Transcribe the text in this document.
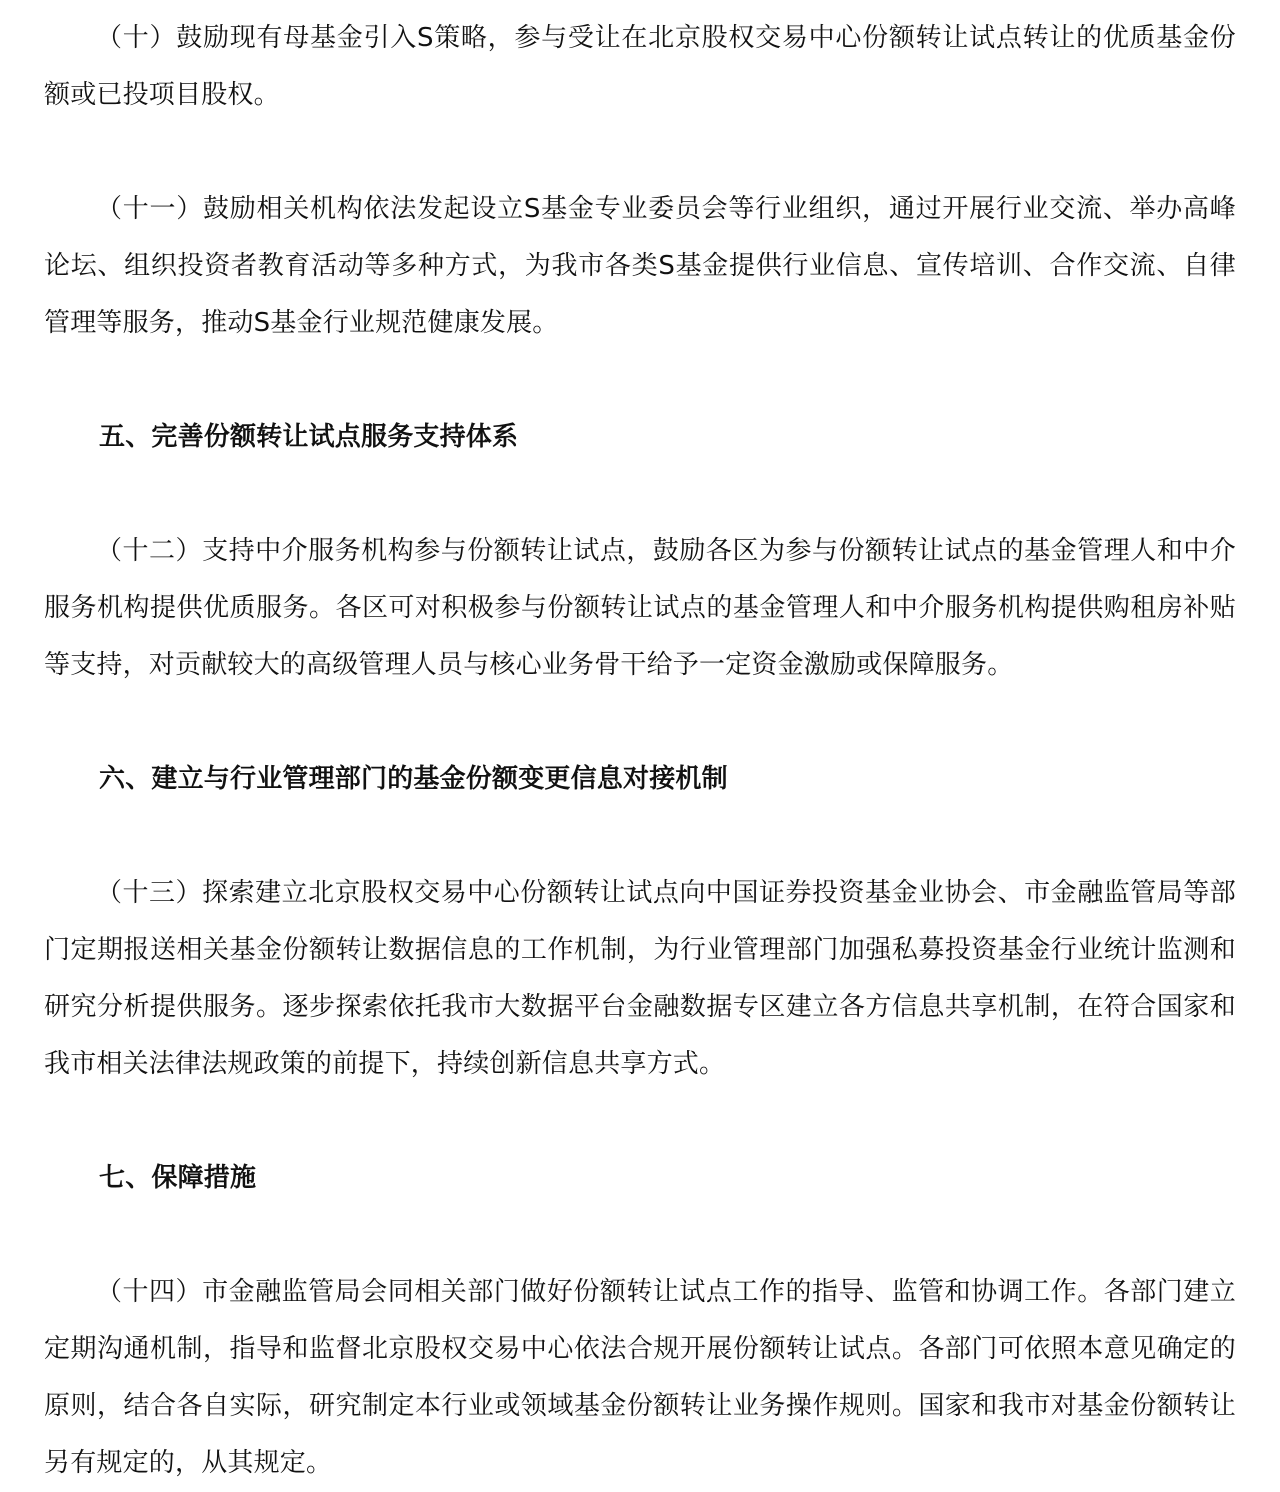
（十）鼓励现有母基金引入S策略，参与受让在北京股权交易中心份额转让试点转让的优质基金份额或已投项目股权。

（十一）鼓励相关机构依法发起设立S基金专业委员会等行业组织，通过开展行业交流、举办高峰论坛、组织投资者教育活动等多种方式，为我市各类S基金提供行业信息、宣传培训、合作交流、自律管理等服务，推动S基金行业规范健康发展。

五、完善份额转让试点服务支持体系

（十二）支持中介服务机构参与份额转让试点，鼓励各区为参与份额转让试点的基金管理人和中介服务机构提供优质服务。各区可对积极参与份额转让试点的基金管理人和中介服务机构提供购租房补贴等支持，对贡献较大的高级管理人员与核心业务骨干给予一定资金激励或保障服务。

六、建立与行业管理部门的基金份额变更信息对接机制

（十三）探索建立北京股权交易中心份额转让试点向中国证券投资基金业协会、市金融监管局等部门定期报送相关基金份额转让数据信息的工作机制，为行业管理部门加强私募投资基金行业统计监测和研究分析提供服务。逐步探索依托我市大数据平台金融数据专区建立各方信息共享机制，在符合国家和我市相关法律法规政策的前提下，持续创新信息共享方式。

七、保障措施

（十四）市金融监管局会同相关部门做好份额转让试点工作的指导、监管和协调工作。各部门建立定期沟通机制，指导和监督北京股权交易中心依法合规开展份额转让试点。各部门可依照本意见确定的原则，结合各自实际，研究制定本行业或领域基金份额转让业务操作规则。国家和我市对基金份额转让另有规定的，从其规定。
